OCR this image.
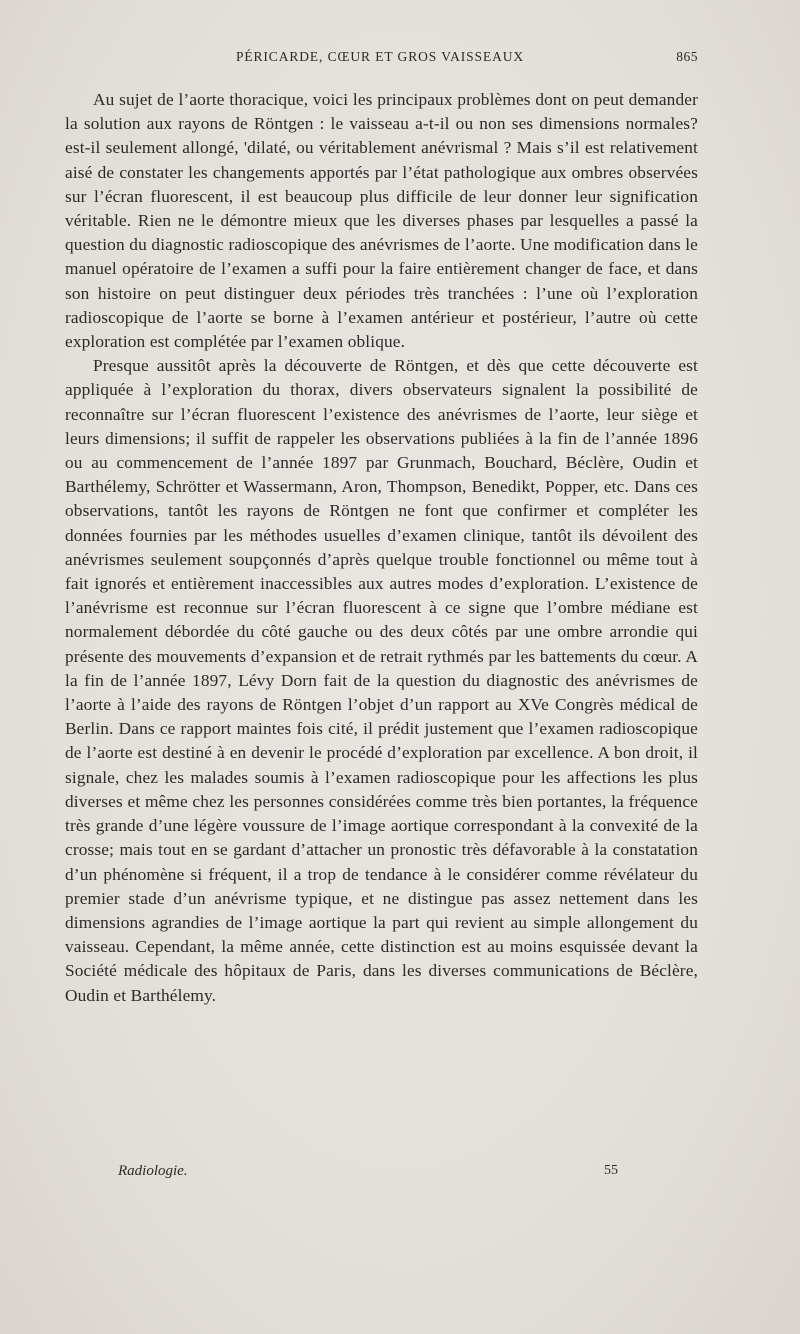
PÉRICARDE, CŒUR ET GROS VAISSEAUX	865

Au sujet de l’aorte thoracique, voici les principaux problèmes dont on peut demander la solution aux rayons de Röntgen : le vaisseau a-t-il ou non ses dimensions normales? est-il seulement allongé, 'dilaté, ou véritablement anévrismal ? Mais s’il est relativement aisé de constater les changements apportés par l’état pathologique aux ombres observées sur l’écran fluorescent, il est beaucoup plus difficile de leur donner leur signification véritable. Rien ne le démontre mieux que les diverses phases par lesquelles a passé la question du diagnostic radioscopique des anévrismes de l’aorte. Une modification dans le manuel opératoire de l’examen a suffi pour la faire entièrement changer de face, et dans son histoire on peut distinguer deux périodes très tranchées : l’une où l’exploration radioscopique de l’aorte se borne à l’examen antérieur et postérieur, l’autre où cette exploration est complétée par l’examen oblique.

Presque aussitôt après la découverte de Röntgen, et dès que cette découverte est appliquée à l’exploration du thorax, divers observateurs signalent la possibilité de reconnaître sur l’écran fluorescent l’existence des anévrismes de l’aorte, leur siège et leurs dimensions; il suffit de rappeler les observations publiées à la fin de l’année 1896 ou au commencement de l’année 1897 par Grunmach, Bouchard, Béclère, Oudin et Barthélemy, Schrötter et Wassermann, Aron, Thompson, Benedikt, Popper, etc. Dans ces observations, tantôt les rayons de Röntgen ne font que confirmer et compléter les données fournies par les méthodes usuelles d’examen clinique, tantôt ils dévoilent des anévrismes seulement soupçonnés d’après quelque trouble fonctionnel ou même tout à fait ignorés et entièrement inaccessibles aux autres modes d’exploration. L’existence de l’anévrisme est reconnue sur l’écran fluorescent à ce signe que l’ombre médiane est normalement débordée du côté gauche ou des deux côtés par une ombre arrondie qui présente des mouvements d’expansion et de retrait rythmés par les battements du cœur. A la fin de l’année 1897, Lévy Dorn fait de la question du diagnostic des anévrismes de l’aorte à l’aide des rayons de Röntgen l’objet d’un rapport au XVe Congrès médical de Berlin. Dans ce rapport maintes fois cité, il prédit justement que l’examen radioscopique de l’aorte est destiné à en devenir le procédé d’exploration par excellence. A bon droit, il signale, chez les malades soumis à l’examen radioscopique pour les affections les plus diverses et même chez les personnes considérées comme très bien portantes, la fréquence très grande d’une légère voussure de l’image aortique correspondant à la convexité de la crosse; mais tout en se gardant d’attacher un pronostic très défavorable à la constatation d’un phénomène si fréquent, il a trop de tendance à le considérer comme révélateur du premier stade d’un anévrisme typique, et ne distingue pas assez nettement dans les dimensions agrandies de l’image aortique la part qui revient au simple allongement du vaisseau. Cependant, la même année, cette distinction est au moins esquissée devant la Société médicale des hôpitaux de Paris, dans les diverses communications de Béclère, Oudin et Barthélemy.

Radiologie.	55
